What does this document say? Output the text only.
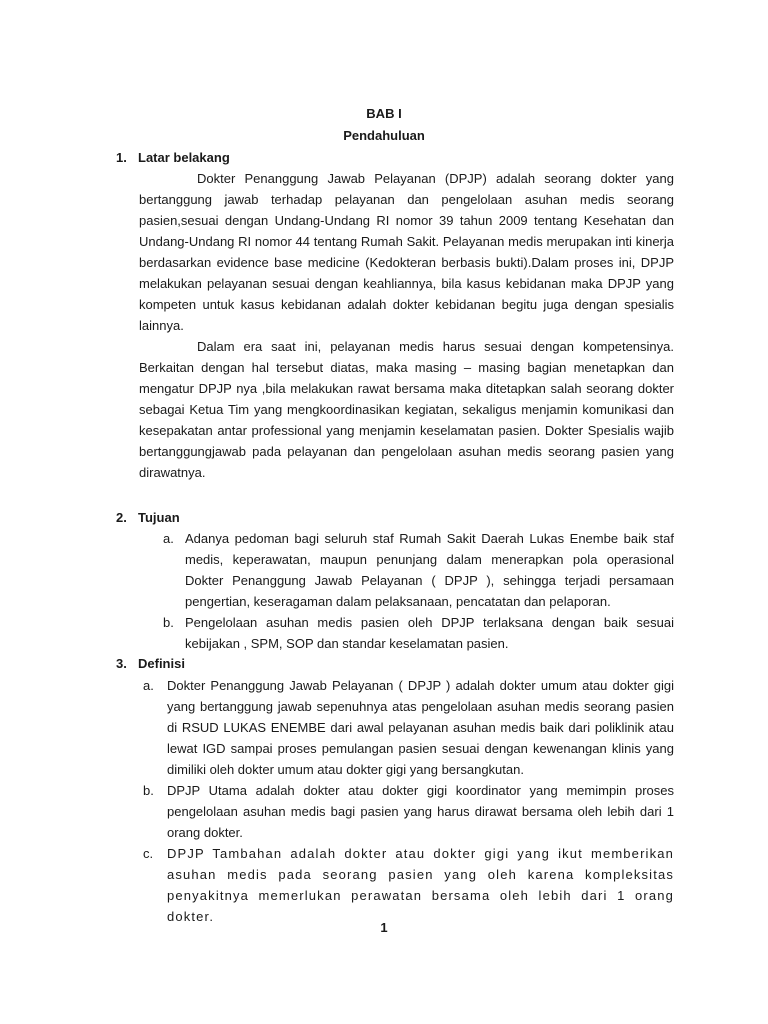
BAB I
Pendahuluan
1. Latar belakang

Dokter Penanggung Jawab Pelayanan (DPJP) adalah seorang dokter yang bertanggung jawab terhadap pelayanan dan pengelolaan asuhan medis seorang pasien,sesuai dengan Undang-Undang RI nomor 39 tahun 2009 tentang Kesehatan dan Undang-Undang RI nomor 44 tentang Rumah Sakit. Pelayanan medis merupakan inti kinerja berdasarkan evidence base medicine (Kedokteran berbasis bukti).Dalam proses ini, DPJP melakukan pelayanan sesuai dengan keahliannya, bila kasus kebidanan maka DPJP yang kompeten untuk kasus kebidanan adalah dokter kebidanan begitu juga dengan spesialis lainnya.

Dalam era saat ini, pelayanan medis harus sesuai dengan kompetensinya. Berkaitan dengan hal tersebut diatas, maka masing – masing bagian menetapkan dan mengatur DPJP nya ,bila melakukan rawat bersama maka ditetapkan salah seorang dokter sebagai Ketua Tim yang mengkoordinasikan kegiatan, sekaligus menjamin komunikasi dan kesepakatan antar professional yang menjamin keselamatan pasien. Dokter Spesialis wajib bertanggungjawab pada pelayanan dan pengelolaan asuhan medis seorang pasien yang dirawatnya.

2. Tujuan
a. Adanya pedoman bagi seluruh staf Rumah Sakit Daerah Lukas Enembe baik staf medis, keperawatan, maupun penunjang dalam menerapkan pola operasional Dokter Penanggung Jawab Pelayanan ( DPJP ), sehingga terjadi persamaan pengertian, keseragaman dalam pelaksanaan, pencatatan dan pelaporan.
b. Pengelolaan asuhan medis pasien oleh DPJP terlaksana dengan baik sesuai kebijakan , SPM, SOP dan standar keselamatan pasien.
3. Definisi
a. Dokter Penanggung Jawab Pelayanan ( DPJP ) adalah dokter umum atau dokter gigi yang bertanggung jawab sepenuhnya atas pengelolaan asuhan medis seorang pasien di RSUD LUKAS ENEMBE dari awal pelayanan asuhan medis baik dari poliklinik atau lewat IGD sampai proses pemulangan pasien sesuai dengan kewenangan klinis yang dimiliki oleh dokter umum atau dokter gigi yang bersangkutan.
b. DPJP Utama adalah dokter atau dokter gigi koordinator yang memimpin proses pengelolaan asuhan medis bagi pasien yang harus dirawat bersama oleh lebih dari 1 orang dokter.
c. DPJP Tambahan adalah dokter atau dokter gigi yang ikut memberikan asuhan medis pada seorang pasien yang oleh karena kompleksitas penyakitnya memerlukan perawatan bersama oleh lebih dari 1 orang dokter.
1
